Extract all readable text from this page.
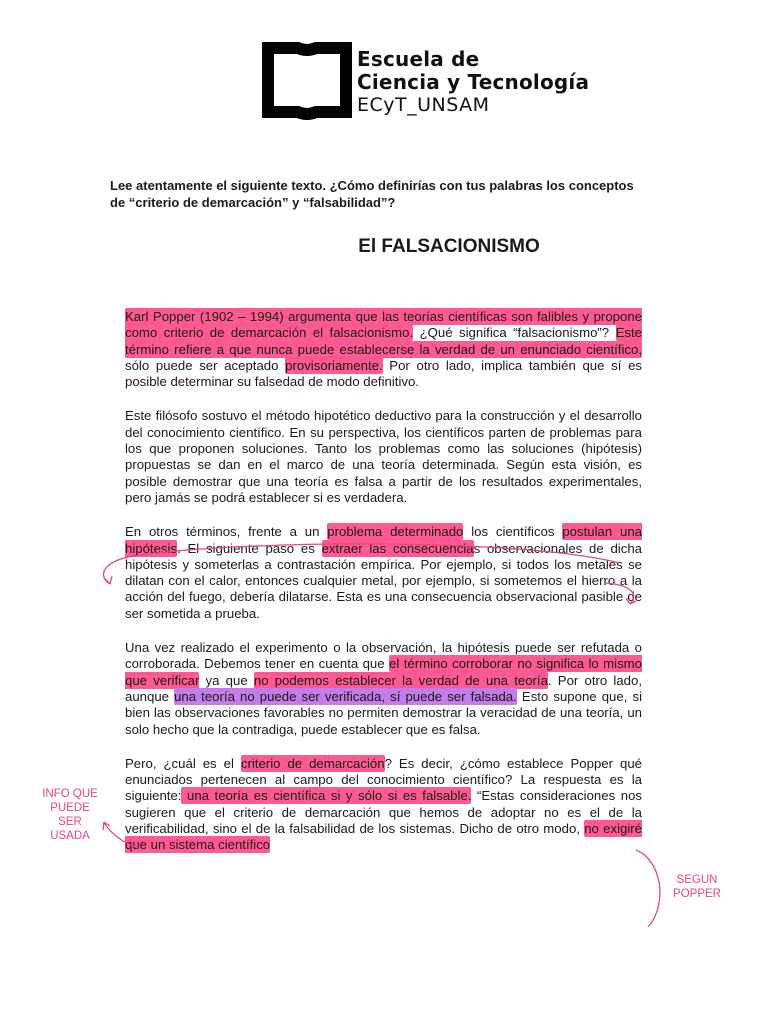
Escuela de
Ciencia y Tecnología
ECyT_UNSAM
Lee atentamente el siguiente texto. ¿Cómo definirías con tus palabras los conceptos de “criterio de demarcación” y “falsabilidad”?
El FALSACIONISMO

Karl Popper (1902 – 1994) argumenta que las teorías científicas son falibles y propone como criterio de demarcación el falsacionismo. ¿Qué significa “falsacionismo”? Este término refiere a que nunca puede establecerse la verdad de un enunciado científico, sólo puede ser aceptado provisoriamente. Por otro lado, implica también que sí es posible determinar su falsedad de modo definitivo.

Este filósofo sostuvo el método hipotético deductivo para la construcción y el desarrollo del conocimiento científico. En su perspectiva, los científicos parten de problemas para los que proponen soluciones. Tanto los problemas como las soluciones (hipótesis) propuestas se dan en el marco de una teoría determinada. Según esta visión, es posible demostrar que una teoría es falsa a partir de los resultados experimentales, pero jamás se podrá establecer si es verdadera.

En otros términos, frente a un problema determinado los científicos postulan una hipótesis. El siguiente paso es extraer las consecuencias observacionales de dicha hipótesis y someterlas a contrastación empírica. Por ejemplo, si todos los metales se dilatan con el calor, entonces cualquier metal, por ejemplo, si sometemos el hierro a la acción del fuego, debería dilatarse. Esta es una consecuencia observacional pasible de ser sometida a prueba.

Una vez realizado el experimento o la observación, la hipótesis puede ser refutada o corroborada. Debemos tener en cuenta que el término corroborar no significa lo mismo que verificar ya que no podemos establecer la verdad de una teoría. Por otro lado, aunque una teoría no puede ser verificada, sí puede ser falsada. Esto supone que, si bien las observaciones favorables no permiten demostrar la veracidad de una teoría, un solo hecho que la contradiga, puede establecer que es falsa.

Pero, ¿cuál es el criterio de demarcación? Es decir, ¿cómo establece Popper qué enunciados pertenecen al campo del conocimiento científico? La respuesta es la siguiente: una teoría es científica si y sólo si es falsable. “Estas consideraciones nos sugieren que el criterio de demarcación que hemos de adoptar no es el de la verificabilidad, sino el de la falsabilidad de los sistemas. Dicho de otro modo, no exigiré que un sistema científico

INFO QUE PUEDE SER USADA
SEGUN POPPER
